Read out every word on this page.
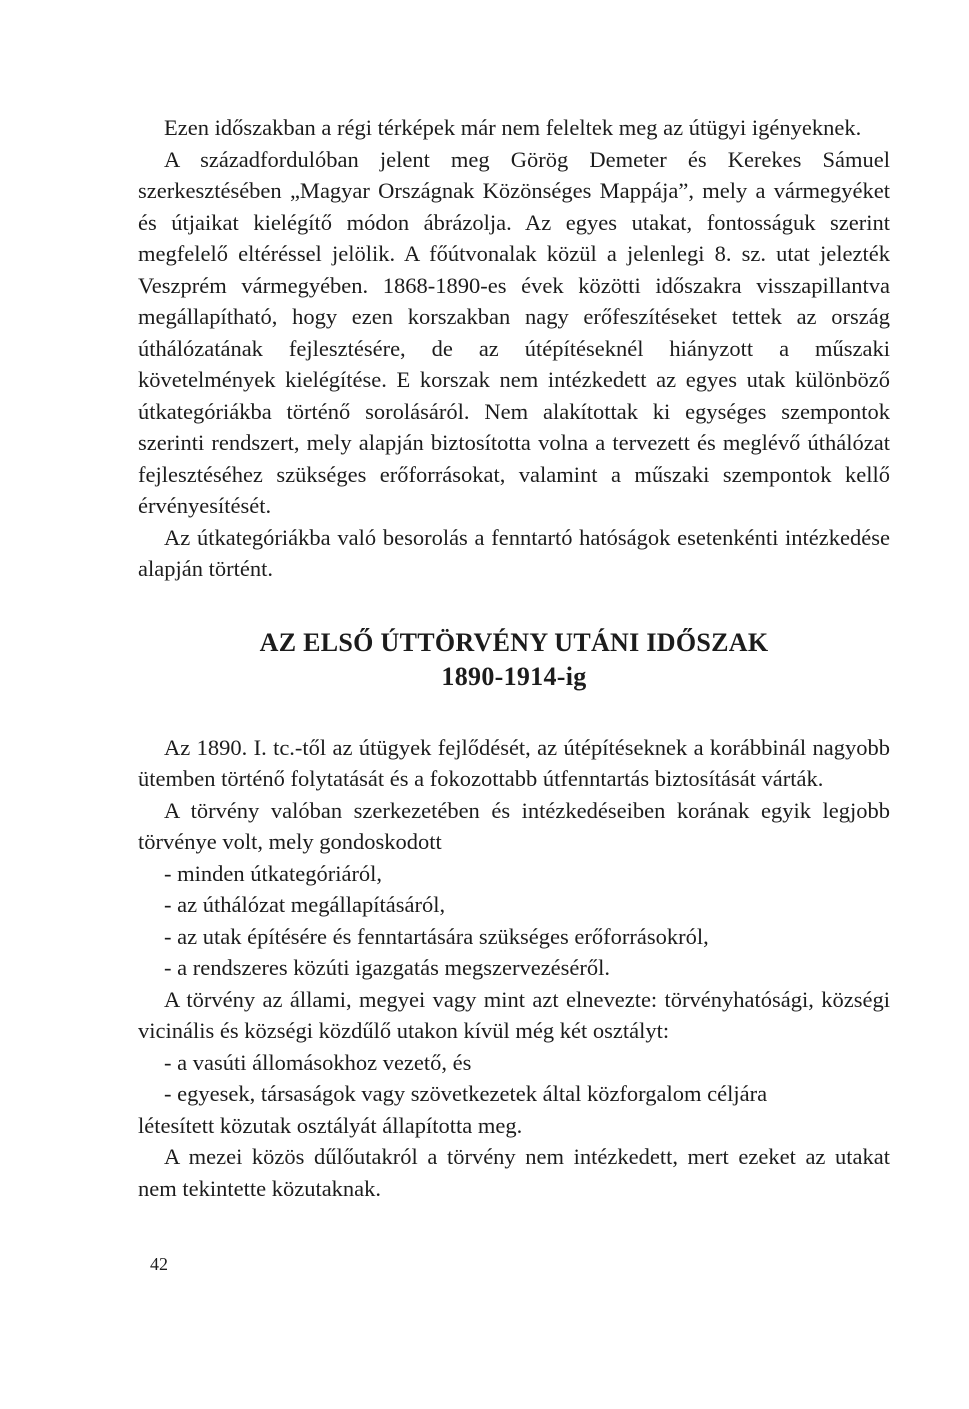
Ezen időszakban a régi térképek már nem feleltek meg az útügyi igényeknek.

A századfordulóban jelent meg Görög Demeter és Kerekes Sámuel szerkesztésében „Magyar Országnak Közönséges Mappája”, mely a vármegyéket és útjaikat kielégítő módon ábrázolja. Az egyes utakat, fontosságuk szerint megfelelő eltéréssel jelölik. A főútvonalak közül a jelenlegi 8. sz. utat jelezték Veszprém vármegyében. 1868-1890-es évek közötti időszakra visszapillantva megállapítható, hogy ezen korszakban nagy erőfeszítéseket tettek az ország úthálózatának fejlesztésére, de az útépítéseknél hiányzott a műszaki követelmények kielégítése. E korszak nem intézkedett az egyes utak különböző útkategóriákba történő sorolásáról. Nem alakítottak ki egységes szempontok szerinti rendszert, mely alapján biztosította volna a tervezett és meglévő úthálózat fejlesztéséhez szükséges erőforrásokat, valamint a műszaki szempontok kellő érvényesítését.

Az útkategóriákba való besorolás a fenntartó hatóságok esetenkénti intézkedése alapján történt.

AZ ELSŐ ÚTTÖRVÉNY UTÁNI IDŐSZAK
1890-1914-ig

Az 1890. I. tc.-től az útügyek fejlődését, az útépítéseknek a korábbinál nagyobb ütemben történő folytatását és a fokozottabb útfenntartás biztosítását várták.

A törvény valóban szerkezetében és intézkedéseiben korának egyik legjobb törvénye volt, mely gondoskodott

- minden útkategóriáról,

- az úthálózat megállapításáról,

- az utak építésére és fenntartására szükséges erőforrásokról,

- a rendszeres közúti igazgatás megszervezéséről.

A törvény az állami, megyei vagy mint azt elnevezte: törvényhatósági, községi vicinális és községi közdűlő utakon kívül még két osztályt:

- a vasúti állomásokhoz vezető, és

- egyesek, társaságok vagy szövetkezetek által közforgalom céljára

létesített közutak osztályát állapította meg.

A mezei közös dűlőutakról a törvény nem intézkedett, mert ezeket az utakat nem tekintette közutaknak.

42
